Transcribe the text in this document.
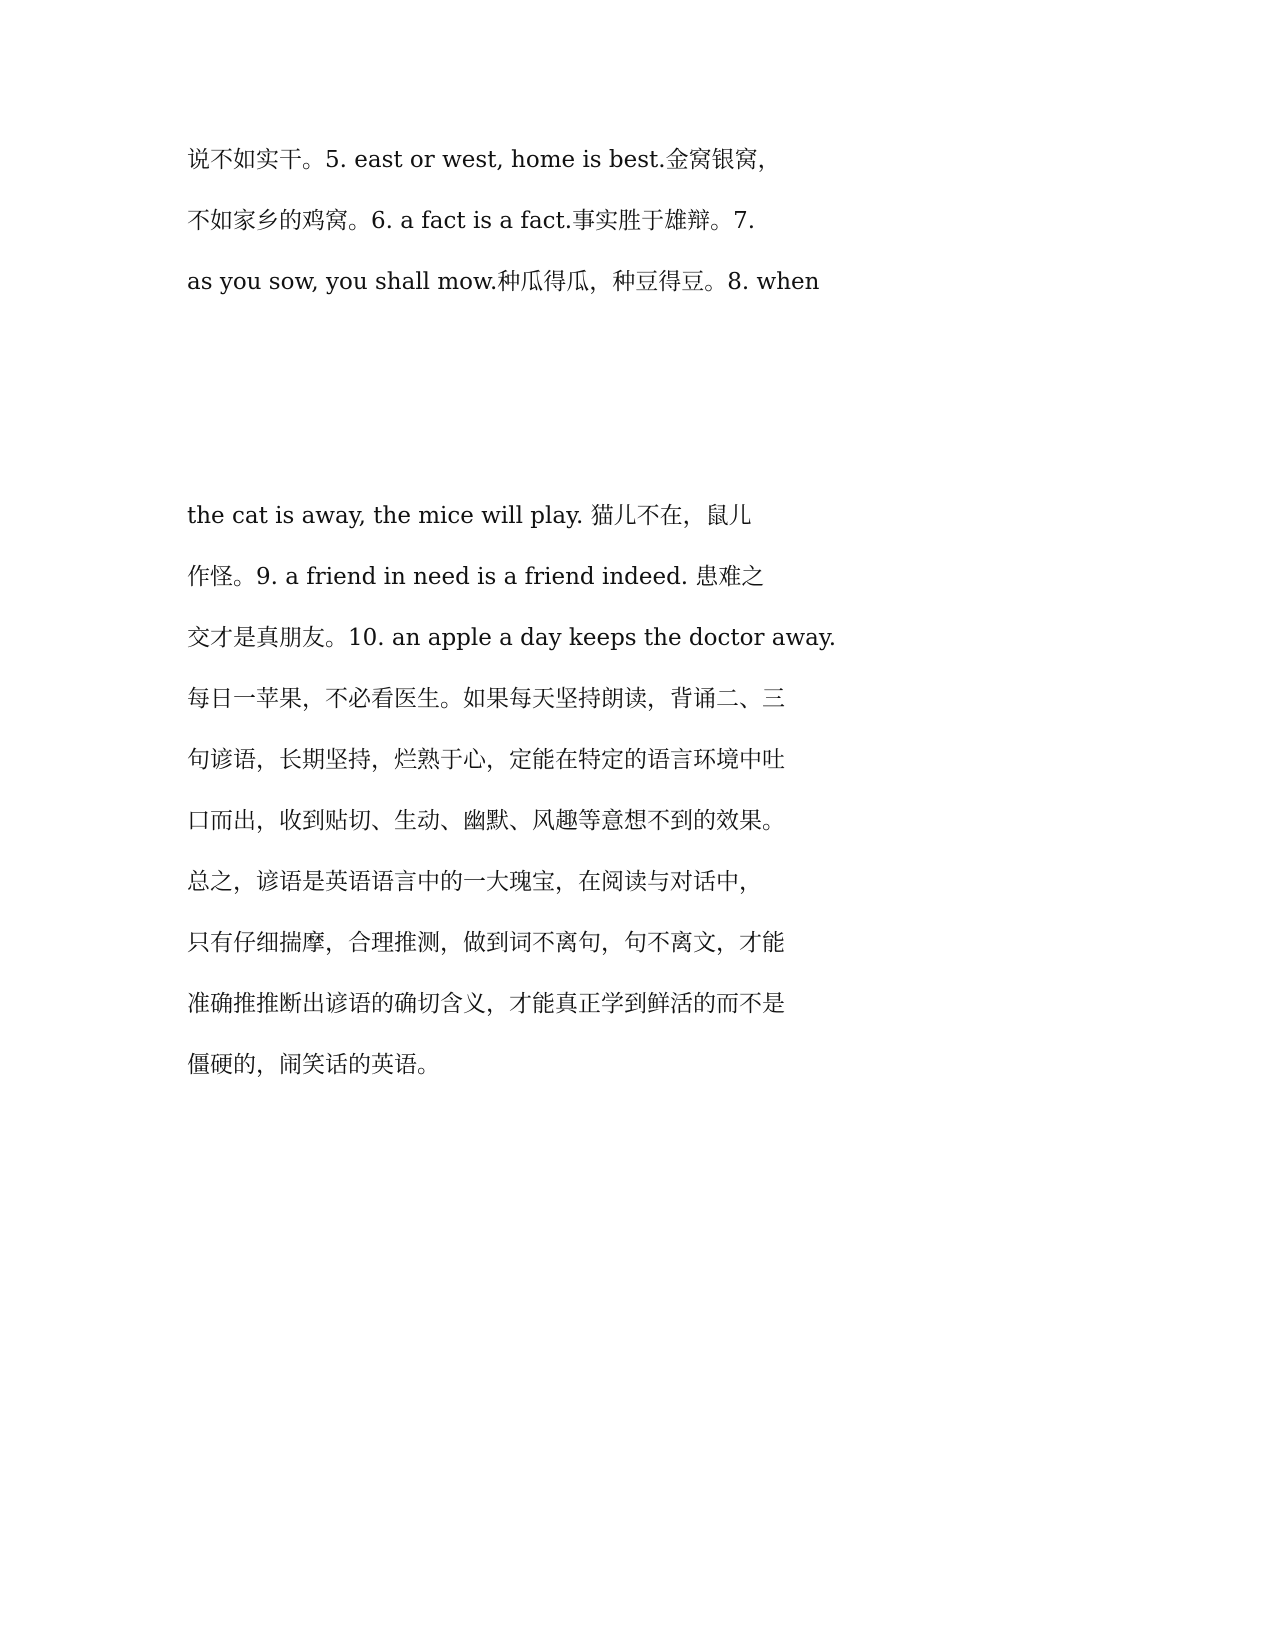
说不如实干。5. east or west, home is best.金窝银窝，
不如家乡的鸡窝。6. a fact is a fact.事实胜于雄辩。7.
as you sow, you shall mow.种瓜得瓜，种豆得豆。8. when
the cat is away, the mice will play. 猫儿不在，鼠儿
作怪。9. a friend in need is a friend indeed. 患难之
交才是真朋友。10. an apple a day keeps the doctor away.
每日一苹果，不必看医生。如果每天坚持朗读，背诵二、三
句谚语，长期坚持，烂熟于心，定能在特定的语言环境中吐
口而出，收到贴切、生动、幽默、风趣等意想不到的效果。
总之，谚语是英语语言中的一大瑰宝，在阅读与对话中，
只有仔细揣摩，合理推测，做到词不离句，句不离文，才能
准确推推断出谚语的确切含义，才能真正学到鲜活的而不是
僵硬的，闹笑话的英语。
